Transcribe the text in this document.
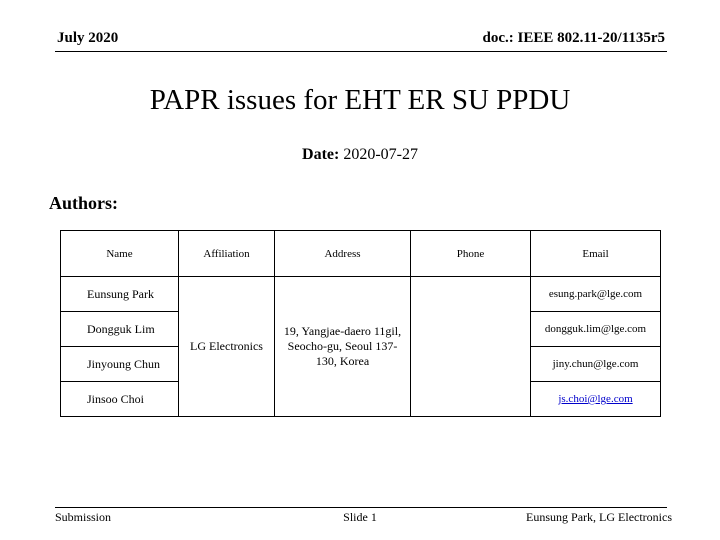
July 2020	doc.: IEEE 802.11-20/1135r5
PAPR issues for EHT ER SU PPDU
Date: 2020-07-27
Authors:
Name	Affiliation	Address	Phone	Email
Eunsung Park	LG Electronics	19, Yangjae-daero 11gil, Seocho-gu, Seoul 137-130, Korea		esung.park@lge.com
Dongguk Lim				dongguk.lim@lge.com
Jinyoung Chun				jiny.chun@lge.com
Jinsoo Choi				js.choi@lge.com
Submission	Slide 1	Eunsung Park, LG Electronics
